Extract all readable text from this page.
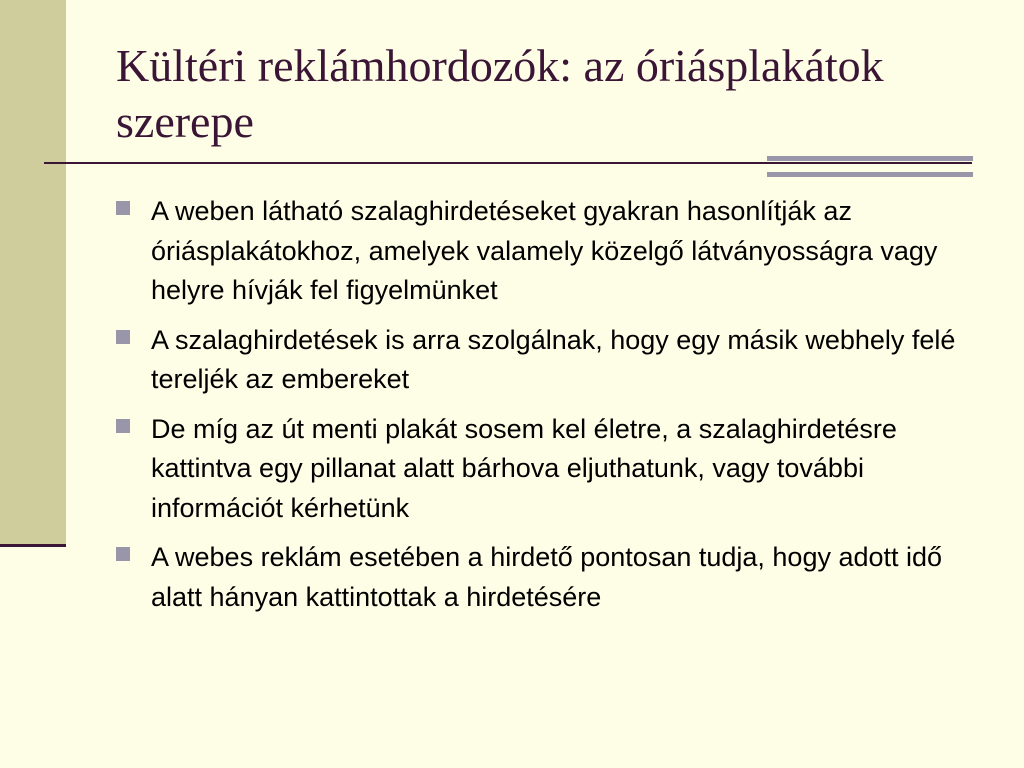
Kültéri reklámhordozók: az óriásplakátok szerepe
A weben látható szalaghirdetéseket gyakran hasonlítják az óriásplakátokhoz, amelyek valamely közelgő látványosságra vagy helyre hívják fel figyelmünket
A szalaghirdetések is arra szolgálnak, hogy egy másik webhely felé tereljék az embereket
De míg az út menti plakát sosem kel életre, a szalaghirdetésre kattintva egy pillanat alatt bárhova eljuthatunk, vagy további információt kérhetünk
A webes reklám esetében a hirdető pontosan tudja, hogy adott idő alatt hányan kattintottak a hirdetésére
